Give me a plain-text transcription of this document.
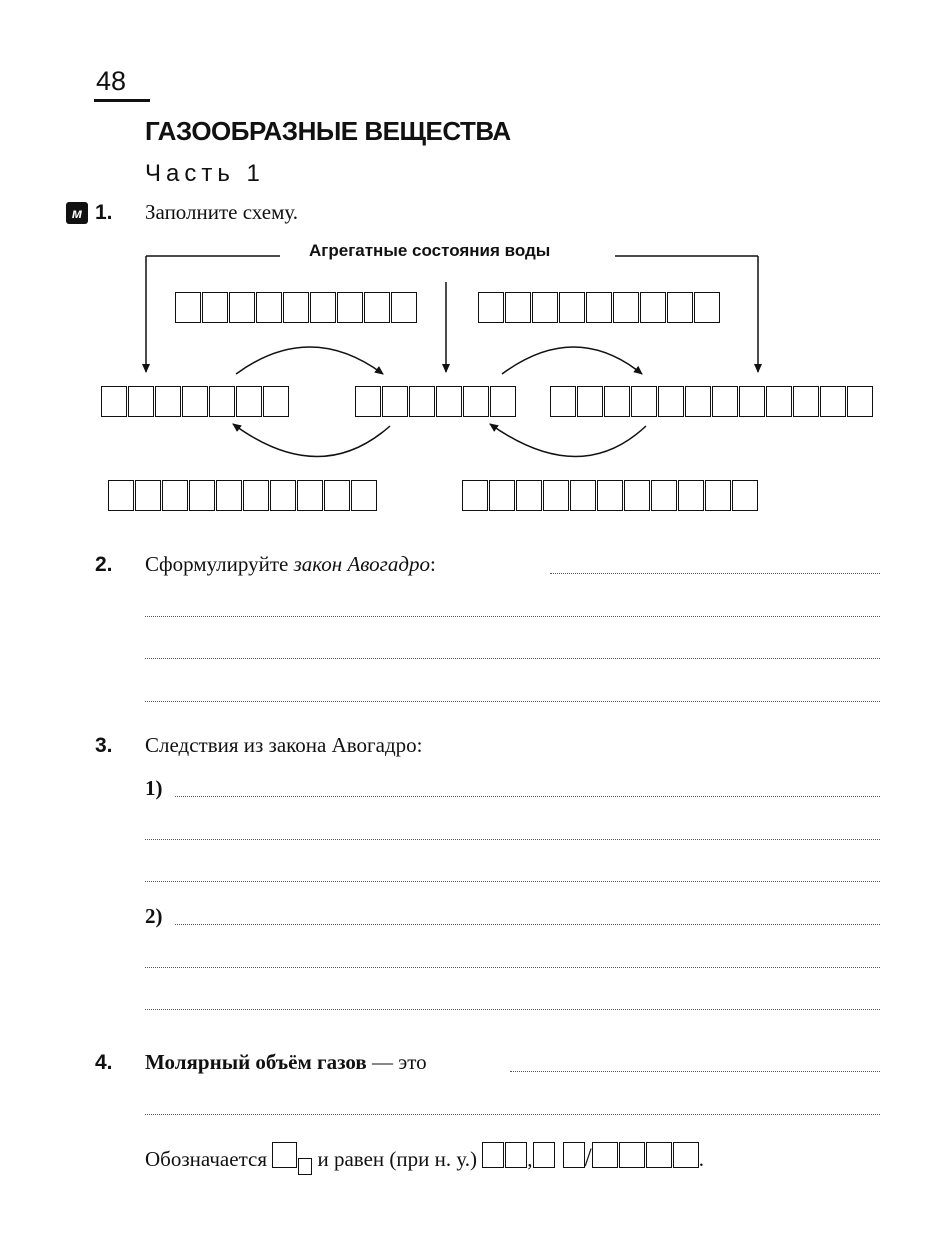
48
ГАЗООБРАЗНЫЕ ВЕЩЕСТВА
Часть 1
м 1. Заполните схему.
Агрегатные состояния воды
2. Сформулируйте закон Авогадро:
3. Следствия из закона Авогадро:
1)
2)
4. Молярный объём газов — это
Обозначается  и равен (при н. у.) , /	.
